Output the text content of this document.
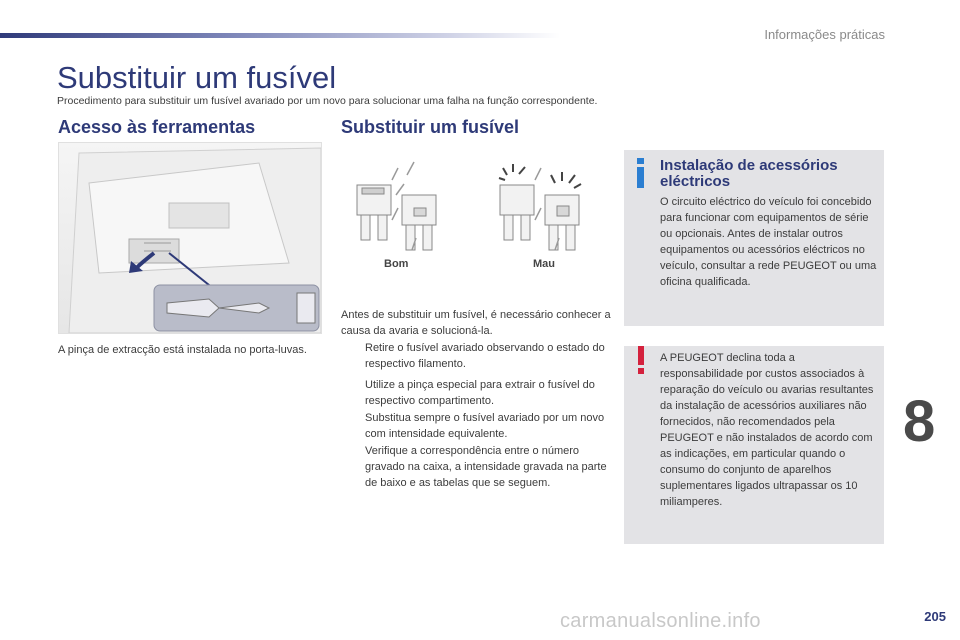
Informações práticas
Substituir um fusível
Procedimento para substituir um fusível avariado por um novo para solucionar uma falha na função correspondente.
Acesso às ferramentas
A pinça de extracção está instalada no porta-luvas.
Substituir um fusível
Bom	Mau

Antes de substituir um fusível, é necessário conhecer a causa da avaria e solucioná-la.

Retire o fusível avariado observando o estado do respectivo filamento.
Utilize a pinça especial para extrair o fusível do respectivo compartimento.
Substitua sempre o fusível avariado por um novo com intensidade equivalente.
Verifique a correspondência entre o número gravado na caixa, a intensidade gravada na parte de baixo e as tabelas que se seguem.
Instalação de acessórios eléctricos
O circuito eléctrico do veículo foi concebido para funcionar com equipamentos de série ou opcionais. Antes de instalar outros equipamentos ou acessórios eléctricos no veículo, consultar a rede PEUGEOT ou uma oficina qualificada.
A PEUGEOT declina toda a responsabilidade por custos associados à reparação do veículo ou avarias resultantes da instalação de acessórios auxiliares não fornecidos, não recomendados pela PEUGEOT e não instalados de acordo com as indicações, em particular quando o consumo do conjunto de aparelhos suplementares ligados ultrapassar os 10 miliamperes.
8
205
carmanualsonline.info
